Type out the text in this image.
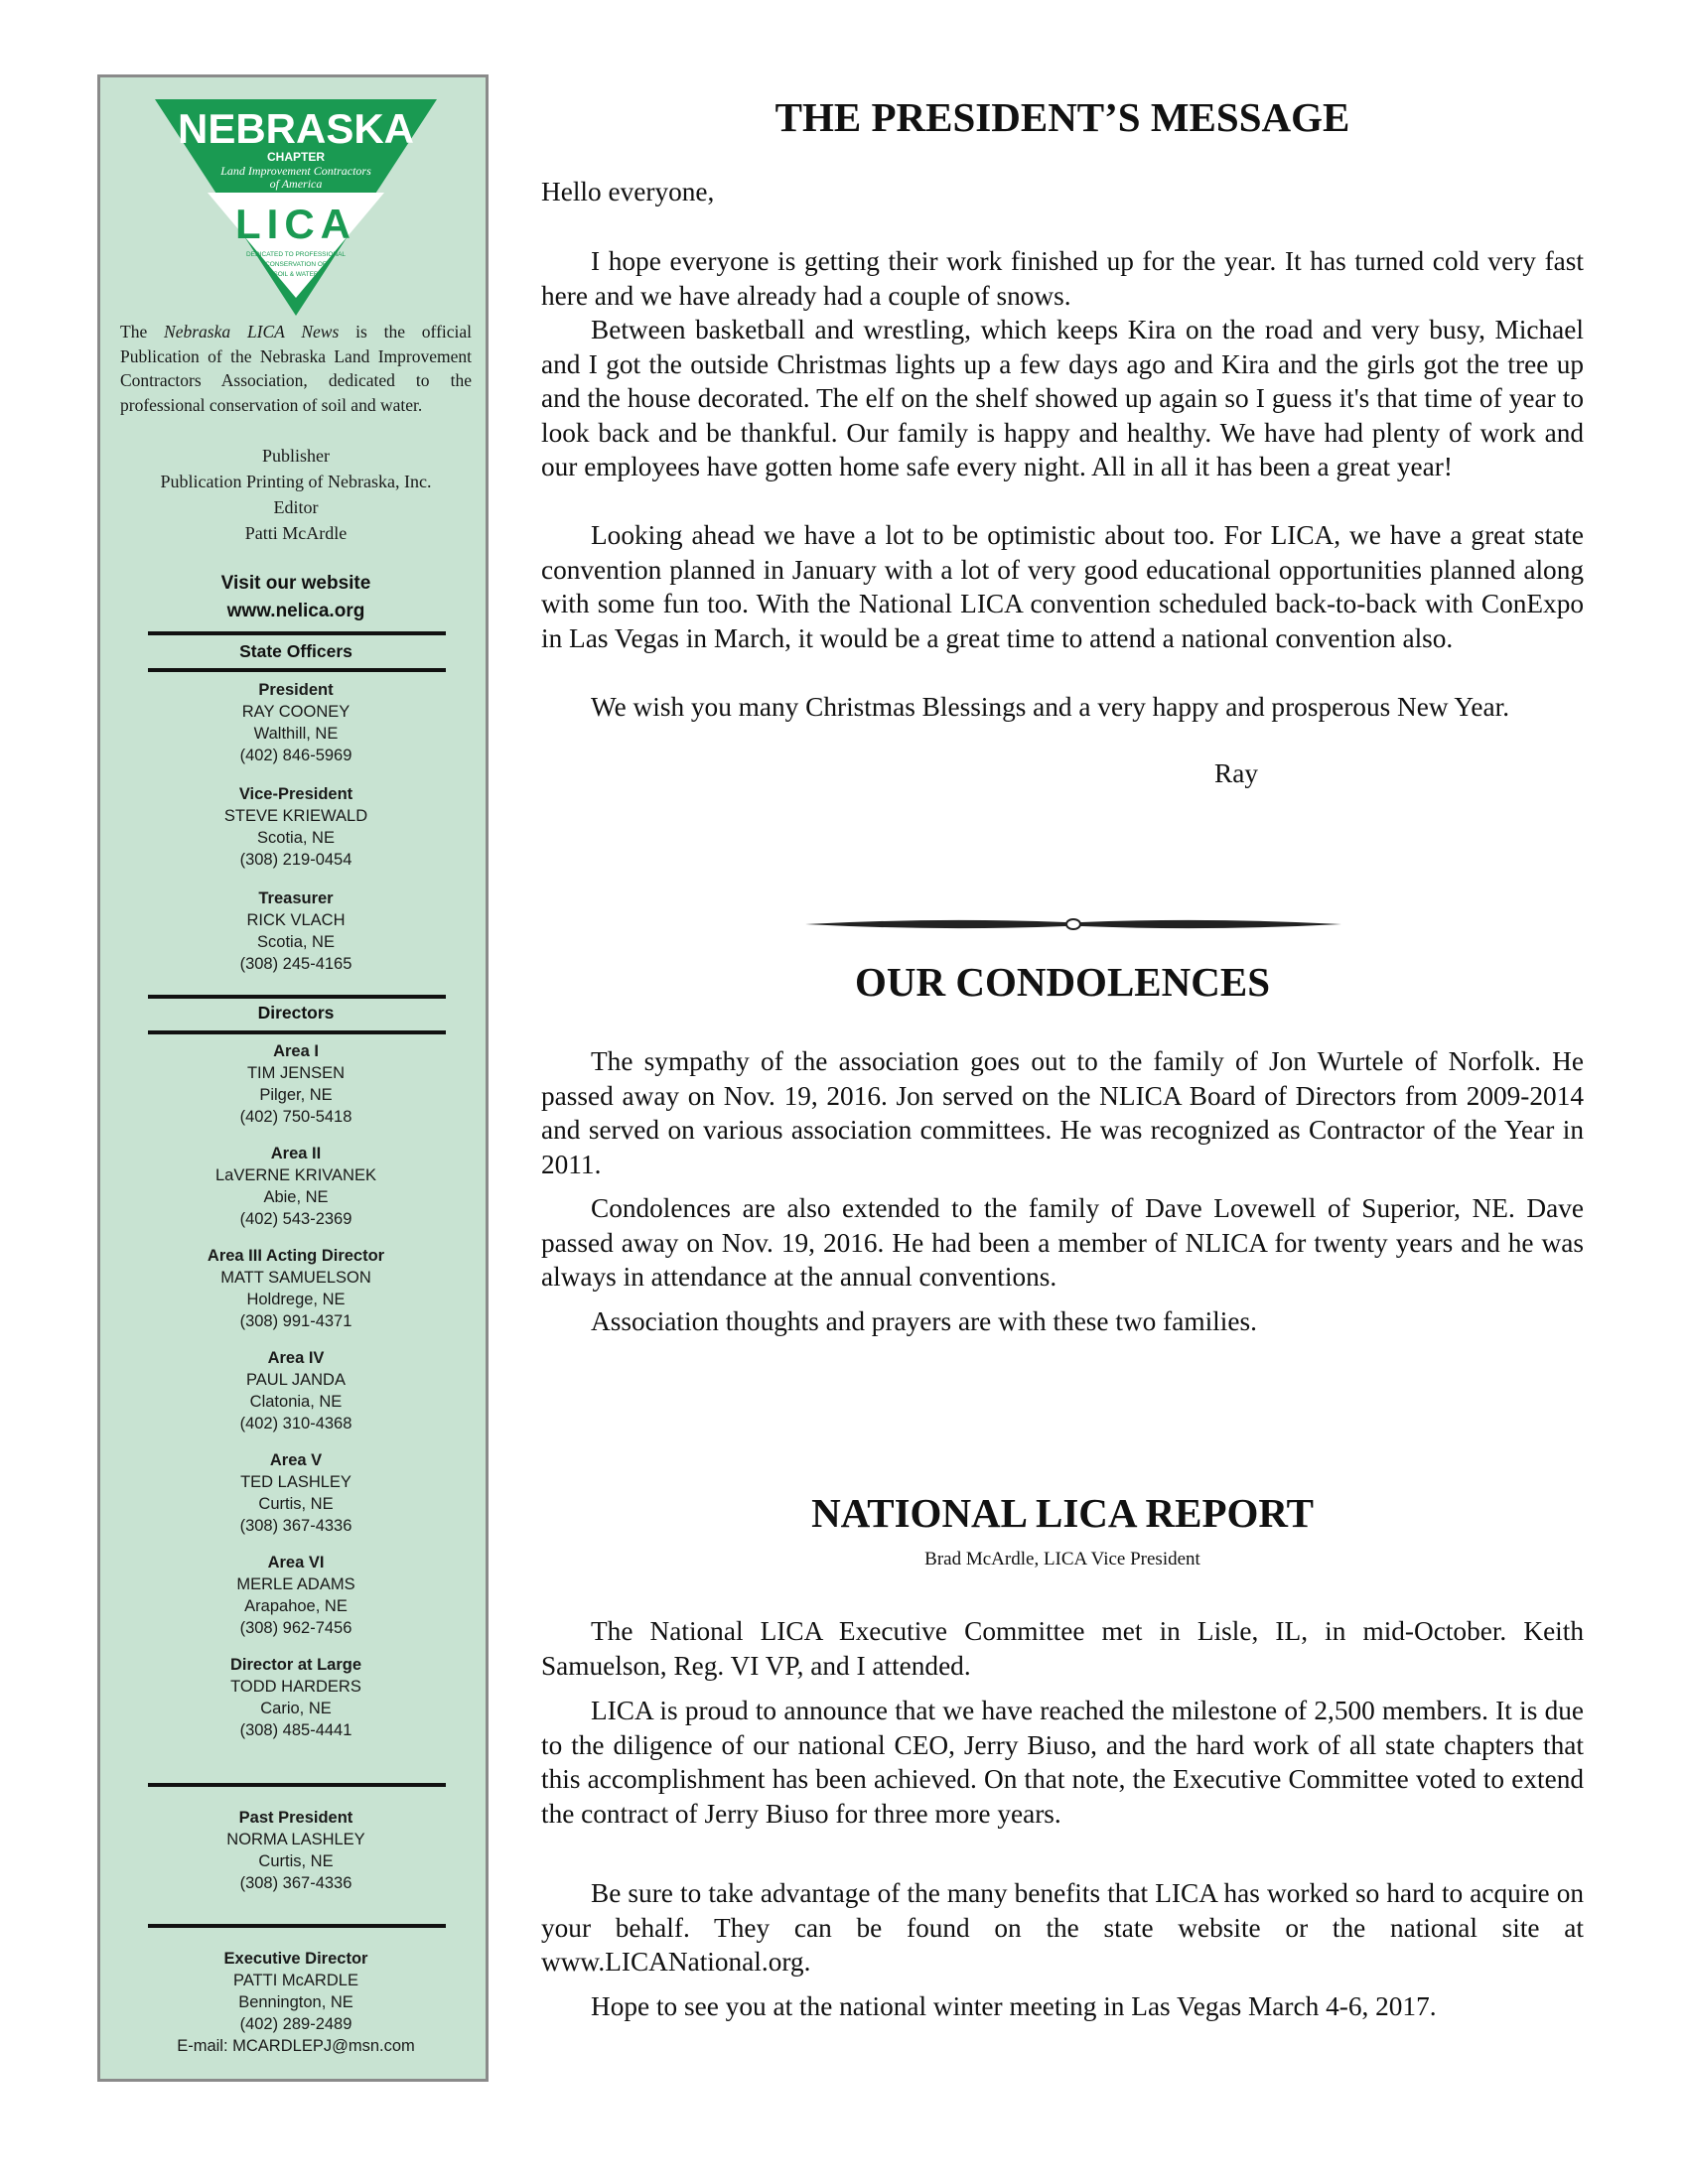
NEBRASKA
CHAPTER
Land Improvement Contractors
of America
LICA
DEDICATED TO PROFESSIONAL
CONSERVATION OF
SOIL & WATER
The Nebraska LICA News is the official Publication of the Nebraska Land Improvement Contractors Association, dedicated to the professional conservation of soil and water.
Publisher
Publication Printing of Nebraska, Inc.
Editor
Patti McArdle
Visit our website
www.nelica.org
State Officers
President
RAY COONEY
Walthill, NE
(402) 846-5969
Vice-President
STEVE KRIEWALD
Scotia, NE
(308) 219-0454
Treasurer
RICK VLACH
Scotia, NE
(308) 245-4165
Directors
Area I
TIM JENSEN
Pilger, NE
(402) 750-5418
Area II
LaVERNE KRIVANEK
Abie, NE
(402) 543-2369
Area III Acting Director
MATT SAMUELSON
Holdrege, NE
(308) 991-4371
Area IV
PAUL JANDA
Clatonia, NE
(402) 310-4368
Area V
TED LASHLEY
Curtis, NE
(308) 367-4336
Area VI
MERLE ADAMS
Arapahoe, NE
(308) 962-7456
Director at Large
TODD HARDERS
Cario, NE
(308) 485-4441
Past President
NORMA LASHLEY
Curtis, NE
(308) 367-4336
Executive Director
PATTI McARDLE
Bennington, NE
(402) 289-2489
E-mail: MCARDLEPJ@msn.com
THE PRESIDENT’S MESSAGE
Hello everyone,
I hope everyone is getting their work finished up for the year. It has turned cold very fast here and we have already had a couple of snows.
Between basketball and wrestling, which keeps Kira on the road and very busy, Michael and I got the outside Christmas lights up a few days ago and Kira and the girls got the tree up and the house decorated. The elf on the shelf showed up again so I guess it's that time of year to look back and be thankful. Our family is happy and healthy. We have had plenty of work and our employees have gotten home safe every night. All in all it has been a great year!
Looking ahead we have a lot to be optimistic about too. For LICA, we have a great state convention planned in January with a lot of very good educational opportunities planned along with some fun too. With the National LICA convention scheduled back-to-back with ConExpo in Las Vegas in March, it would be a great time to attend a national convention also.
We wish you many Christmas Blessings and a very happy and prosperous New Year.
Ray
OUR CONDOLENCES
The sympathy of the association goes out to the family of Jon Wurtele of Norfolk. He passed away on Nov. 19, 2016. Jon served on the NLICA Board of Directors from 2009-2014 and served on various association committees. He was recognized as Contractor of the Year in 2011.
Condolences are also extended to the family of Dave Lovewell of Superior, NE. Dave passed away on Nov. 19, 2016. He had been a member of NLICA for twenty years and he was always in attendance at the annual conventions.
Association thoughts and prayers are with these two families.
NATIONAL LICA REPORT
Brad McArdle, LICA Vice President
The National LICA Executive Committee met in Lisle, IL, in mid-October. Keith Samuelson, Reg. VI VP, and I attended.
LICA is proud to announce that we have reached the milestone of 2,500 members. It is due to the diligence of our national CEO, Jerry Biuso, and the hard work of all state chapters that this accomplishment has been achieved. On that note, the Executive Committee voted to extend the contract of Jerry Biuso for three more years.
Be sure to take advantage of the many benefits that LICA has worked so hard to acquire on your behalf. They can be found on the state website or the national site at www.LICANational.org.
Hope to see you at the national winter meeting in Las Vegas March 4-6, 2017.
